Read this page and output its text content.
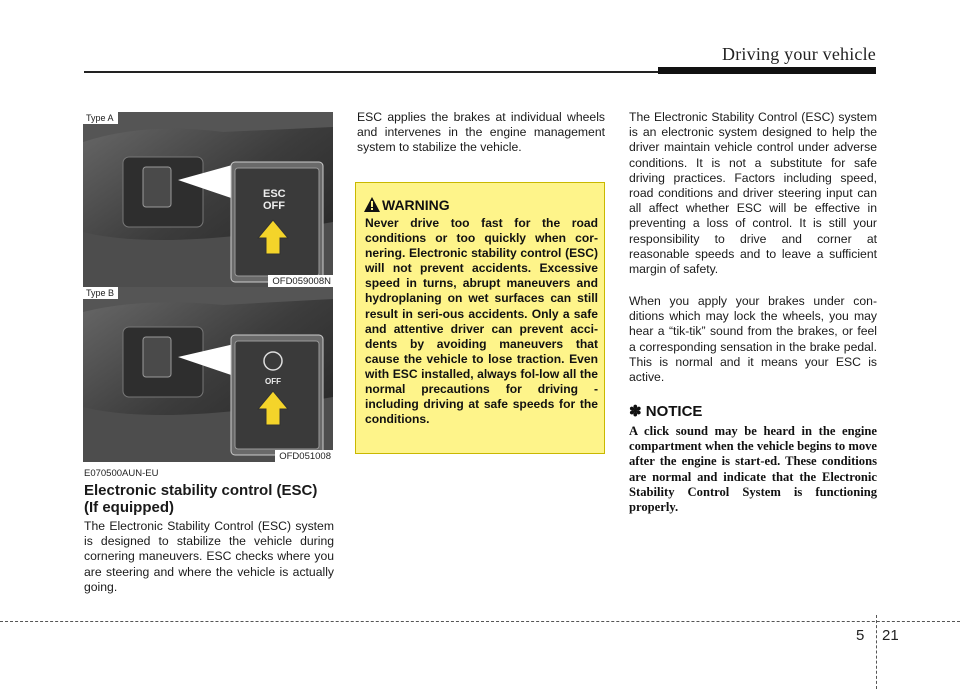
Driving your vehicle
ESC
OFF
Type A
OFD059008N
OFF
Type B
OFD051008
E070500AUN-EU
Electronic stability control (ESC) (If equipped)
The Electronic Stability Control (ESC) system is designed to stabilize the vehicle during cornering maneuvers. ESC checks where you are steering and where the vehicle is actually going.
ESC applies the brakes at individual wheels and intervenes in the engine management system to stabilize the vehicle.
WARNING
Never drive too fast for the road conditions or too quickly when cor-nering. Electronic stability control (ESC) will not prevent accidents. Excessive speed in turns, abrupt maneuvers and hydroplaning on wet surfaces can still result in seri-ous accidents. Only a safe and attentive driver can prevent acci-dents by avoiding maneuvers that cause the vehicle to lose traction. Even with ESC installed, always fol-low all the normal precautions for driving - including driving at safe speeds for the conditions.
The Electronic Stability Control (ESC) system is an electronic system designed to help the driver maintain vehicle control under adverse conditions. It is not a substitute for safe driving practices. Factors including speed, road conditions and driver steering input can all affect whether ESC will be effective in preventing a loss of control. It is still your responsibility to drive and corner at reasonable speeds and to leave a sufficient margin of safety.
When you apply your brakes under con-ditions which may lock the wheels, you may hear a “tik-tik” sound from the brakes, or feel a corresponding sensation in the brake pedal. This is normal and it means your ESC is active.
✽ NOTICE
A click sound may be heard in the engine compartment when the vehicle begins to move after the engine is start-ed. These conditions are normal and indicate that the Electronic Stability Control System is functioning properly.
5 21
